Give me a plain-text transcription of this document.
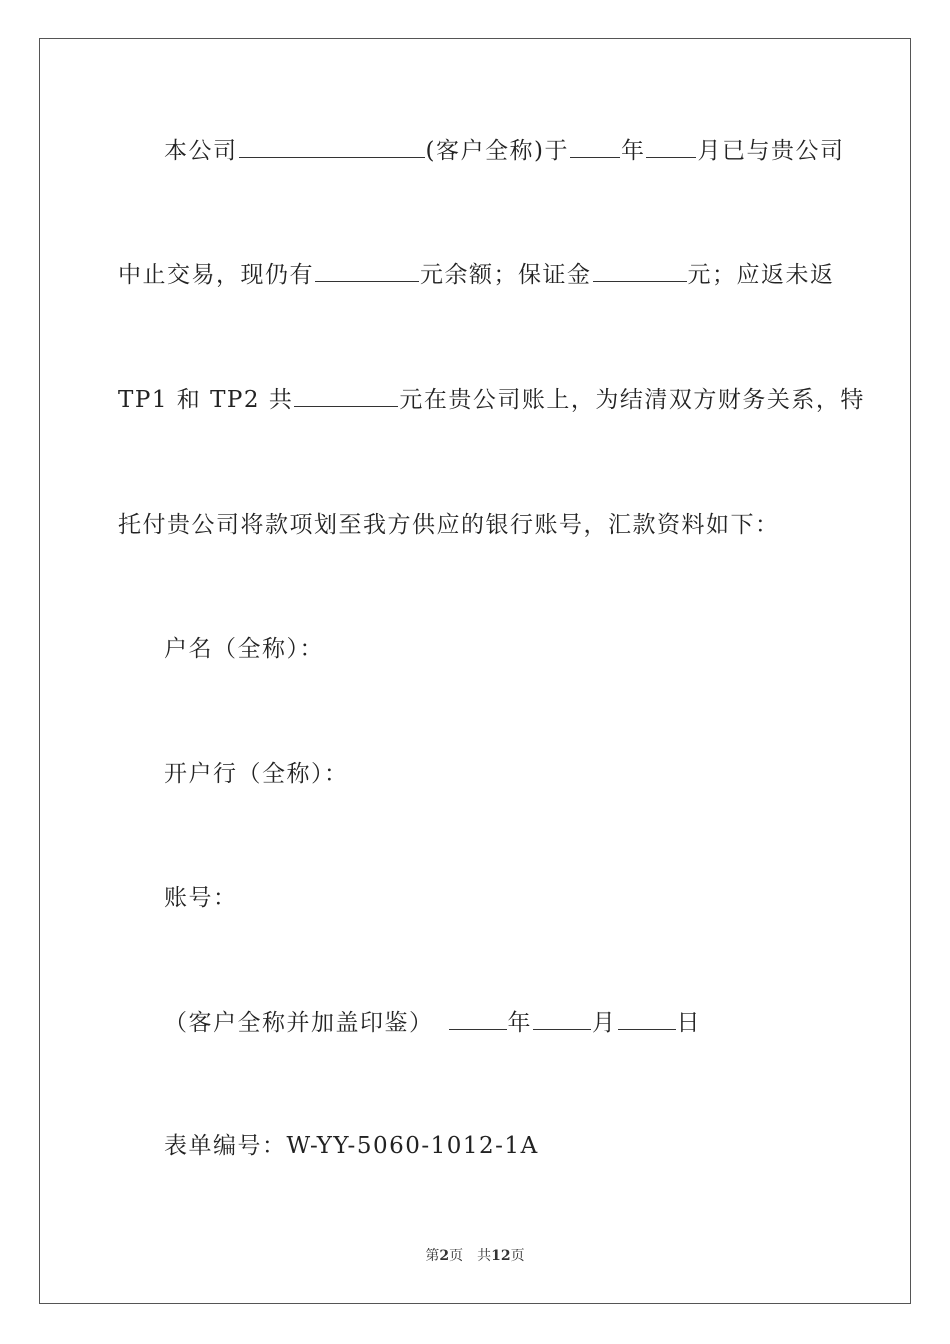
本公司	(客户全称)于 年 月已与贵公司
中止交易，现仍有	元余额；保证金	元；应返未返
TP1 和 TP2 共	元在贵公司账上，为结清双方财务关系，特
托付贵公司将款项划至我方供应的银行账号，汇款资料如下：
户名（全称）：
开户行（全称）：
账号：
（客户全称并加盖印鉴）	年	月	日
表单编号：W-YY-5060-1012-1A
第2页 共12页
